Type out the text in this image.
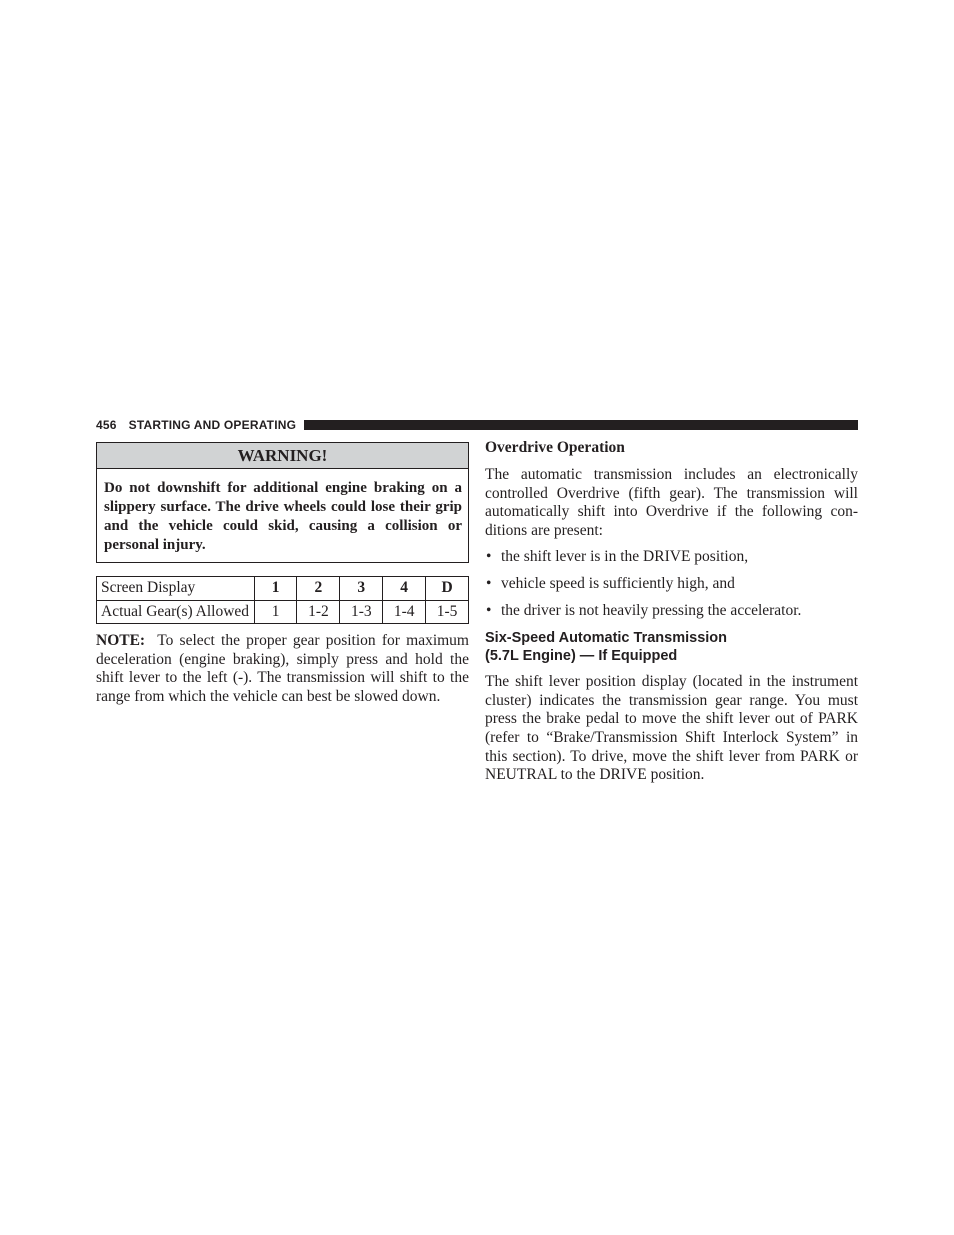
456 STARTING AND OPERATING
WARNING!
Do not downshift for additional engine braking on a slippery surface. The drive wheels could lose their grip and the vehicle could skid, causing a collision or personal injury.
Screen Display	1	2	3	4	D
Actual Gear(s) Allowed	1	1-2	1-3	1-4	1-5
NOTE: To select the proper gear position for maximum deceleration (engine braking), simply press and hold the shift lever to the left (-). The transmission will shift to the range from which the vehicle can best be slowed down.
Overdrive Operation

The automatic transmission includes an electronically controlled Overdrive (fifth gear). The transmission will automatically shift into Overdrive if the following con-ditions are present:

• the shift lever is in the DRIVE position,
• vehicle speed is sufficiently high, and
• the driver is not heavily pressing the accelerator.
Six-Speed Automatic Transmission
(5.7L Engine) — If Equipped

The shift lever position display (located in the instrument cluster) indicates the transmission gear range. You must press the brake pedal to move the shift lever out of PARK (refer to “Brake/Transmission Shift Interlock System” in this section). To drive, move the shift lever from PARK or NEUTRAL to the DRIVE position.
